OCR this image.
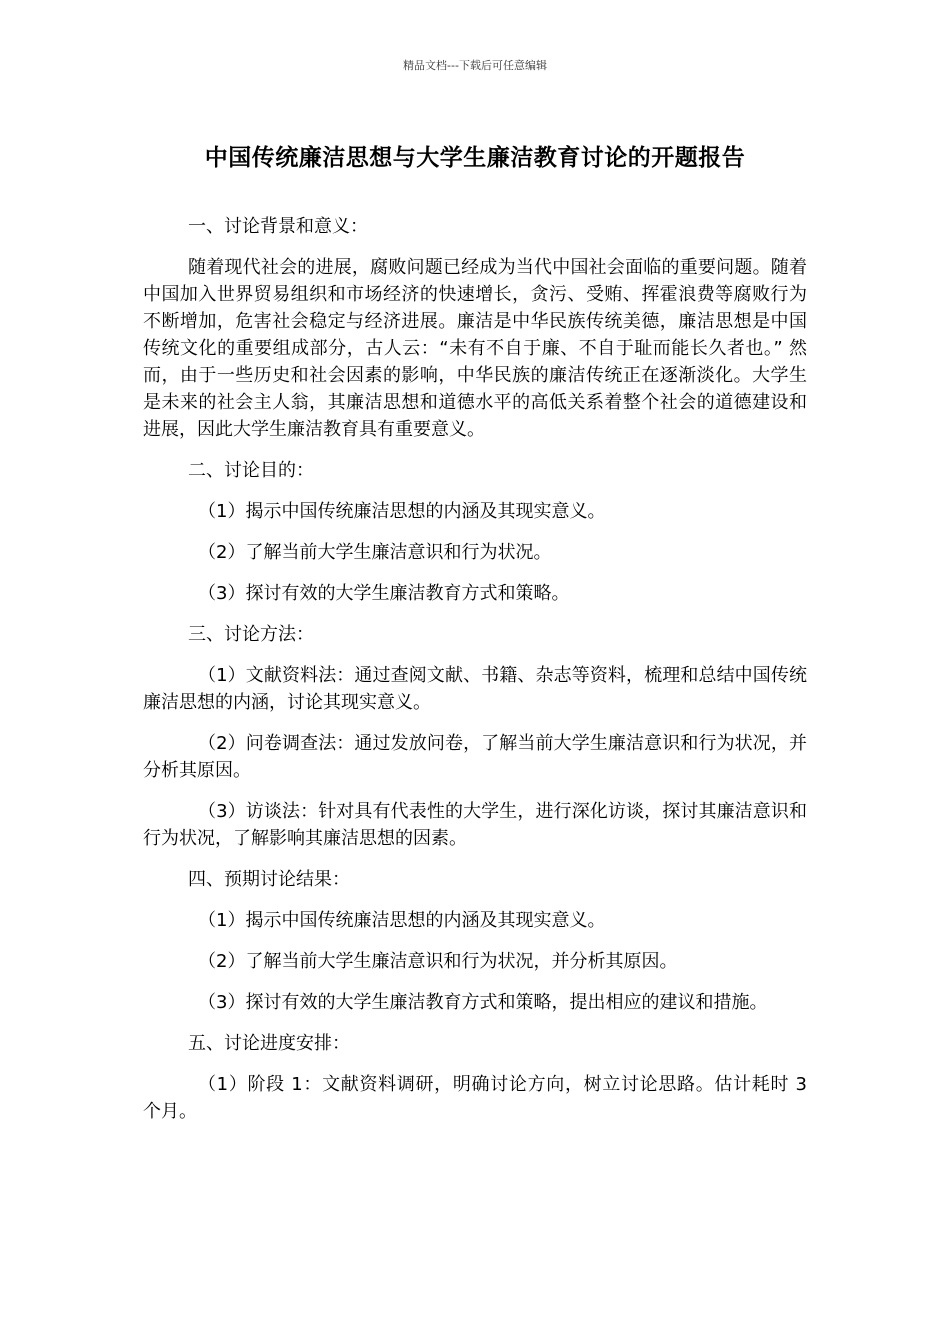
精品文档---下载后可任意编辑
中国传统廉洁思想与大学生廉洁教育讨论的开题报告

一、讨论背景和意义：

随着现代社会的进展，腐败问题已经成为当代中国社会面临的重要问题。随着中国加入世界贸易组织和市场经济的快速增长，贪污、受贿、挥霍浪费等腐败行为不断增加，危害社会稳定与经济进展。廉洁是中华民族传统美德，廉洁思想是中国传统文化的重要组成部分，古人云：“未有不自于廉、不自于耻而能长久者也。” 然而，由于一些历史和社会因素的影响，中华民族的廉洁传统正在逐渐淡化。大学生是未来的社会主人翁，其廉洁思想和道德水平的高低关系着整个社会的道德建设和进展，因此大学生廉洁教育具有重要意义。

二、讨论目的：

（1）揭示中国传统廉洁思想的内涵及其现实意义。

（2）了解当前大学生廉洁意识和行为状况。

（3）探讨有效的大学生廉洁教育方式和策略。

三、讨论方法：

（1）文献资料法：通过查阅文献、书籍、杂志等资料，梳理和总结中国传统廉洁思想的内涵，讨论其现实意义。

（2）问卷调查法：通过发放问卷，了解当前大学生廉洁意识和行为状况，并分析其原因。

（3）访谈法：针对具有代表性的大学生，进行深化访谈，探讨其廉洁意识和行为状况，了解影响其廉洁思想的因素。

四、预期讨论结果：

（1）揭示中国传统廉洁思想的内涵及其现实意义。

（2）了解当前大学生廉洁意识和行为状况，并分析其原因。

（3）探讨有效的大学生廉洁教育方式和策略，提出相应的建议和措施。

五、讨论进度安排：

（1）阶段 1：文献资料调研，明确讨论方向，树立讨论思路。估计耗时 3 个月。
